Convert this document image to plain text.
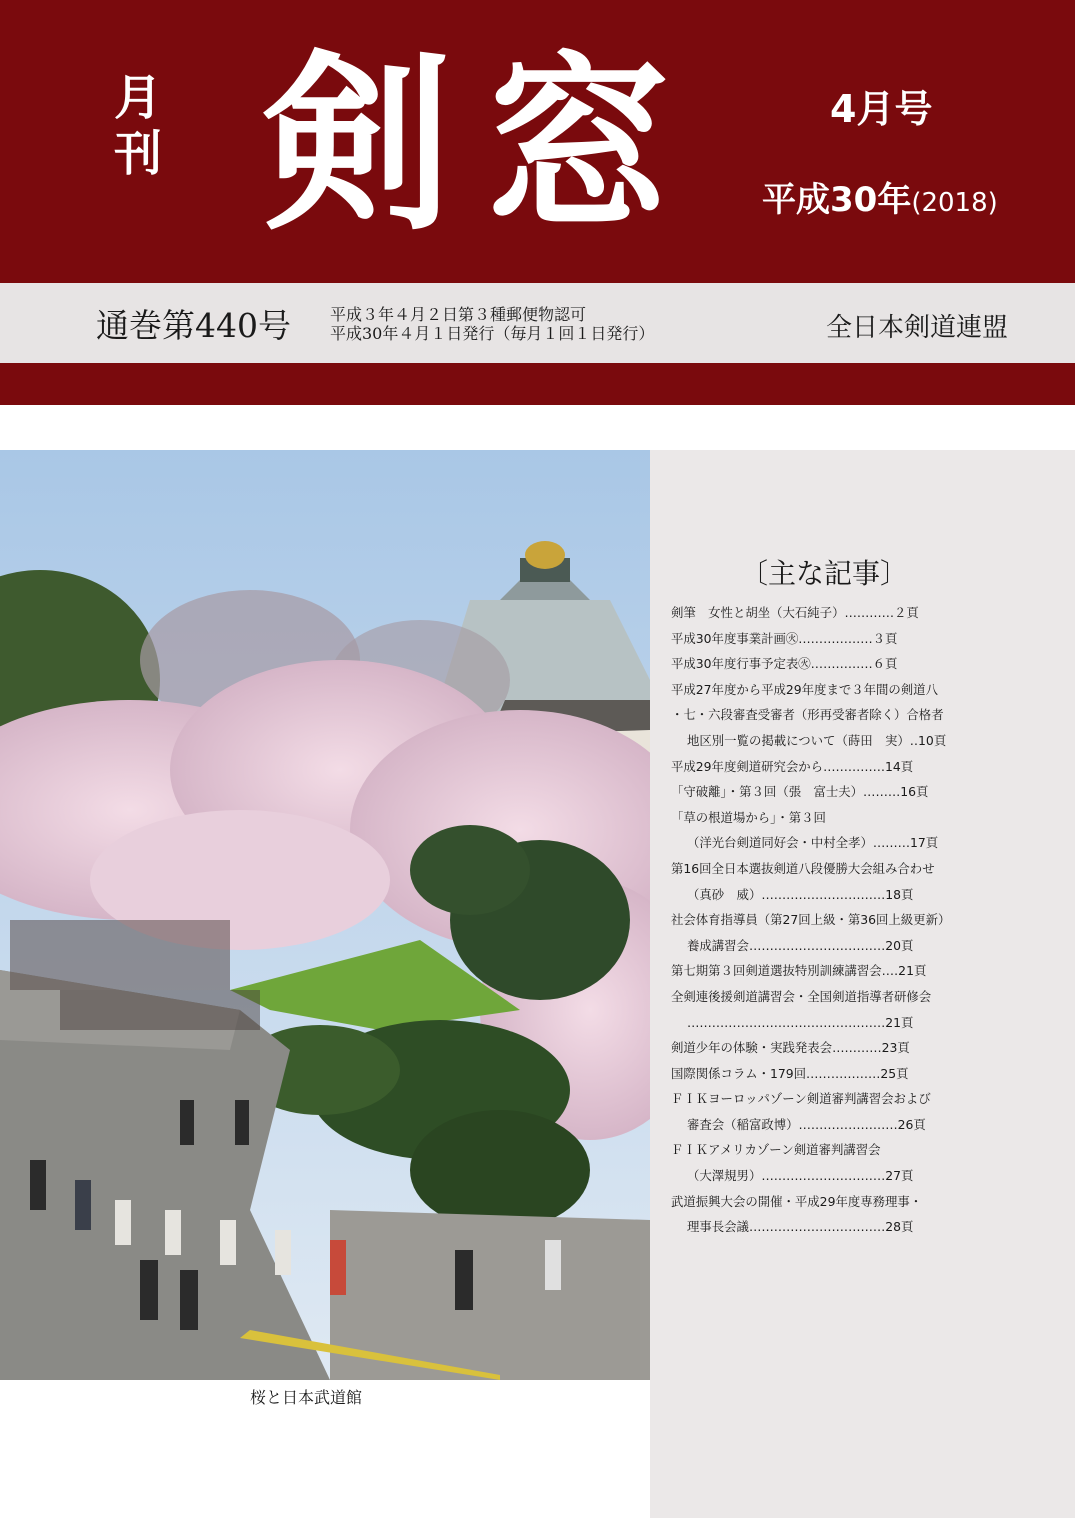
月刊 剣窓	4月号
平成30年(2018)
通巻第440号 平成３年４月２日第３種郵便物認可
平成30年４月１日発行（毎月１回１日発行）	全日本剣道連盟
〔主な記事〕
剣筆　女性と胡坐（大石純子）…………２頁
平成30年度事業計画㊋………………３頁
平成30年度行事予定表㊋……………６頁
平成27年度から平成29年度まで３年間の剣道八
・七・六段審査受審者（形再受審者除く）合格者
地区別一覧の掲載について（蒔田　実）‥10頁
平成29年度剣道研究会から……………14頁
「守破離」・第３回（張　富士夫）………16頁
「草の根道場から」・第３回
（洋光台剣道同好会・中村全孝）………17頁
第16回全日本選抜剣道八段優勝大会組み合わせ
（真砂　威）…………………………18頁
社会体育指導員（第27回上級・第36回上級更新）
養成講習会……………………………20頁
第七期第３回剣道選抜特別訓練講習会‥‥21頁
全剣連後援剣道講習会・全国剣道指導者研修会
…………………………………………21頁
剣道少年の体験・実践発表会…………23頁
国際関係コラム・179回………………25頁
ＦＩＫヨーロッパゾーン剣道審判講習会および
審査会（稲富政博）……………………26頁
ＦＩＫアメリカゾーン剣道審判講習会
（大澤規男）…………………………27頁
武道振興大会の開催・平成29年度専務理事・
理事長会議……………………………28頁
桜と日本武道館
